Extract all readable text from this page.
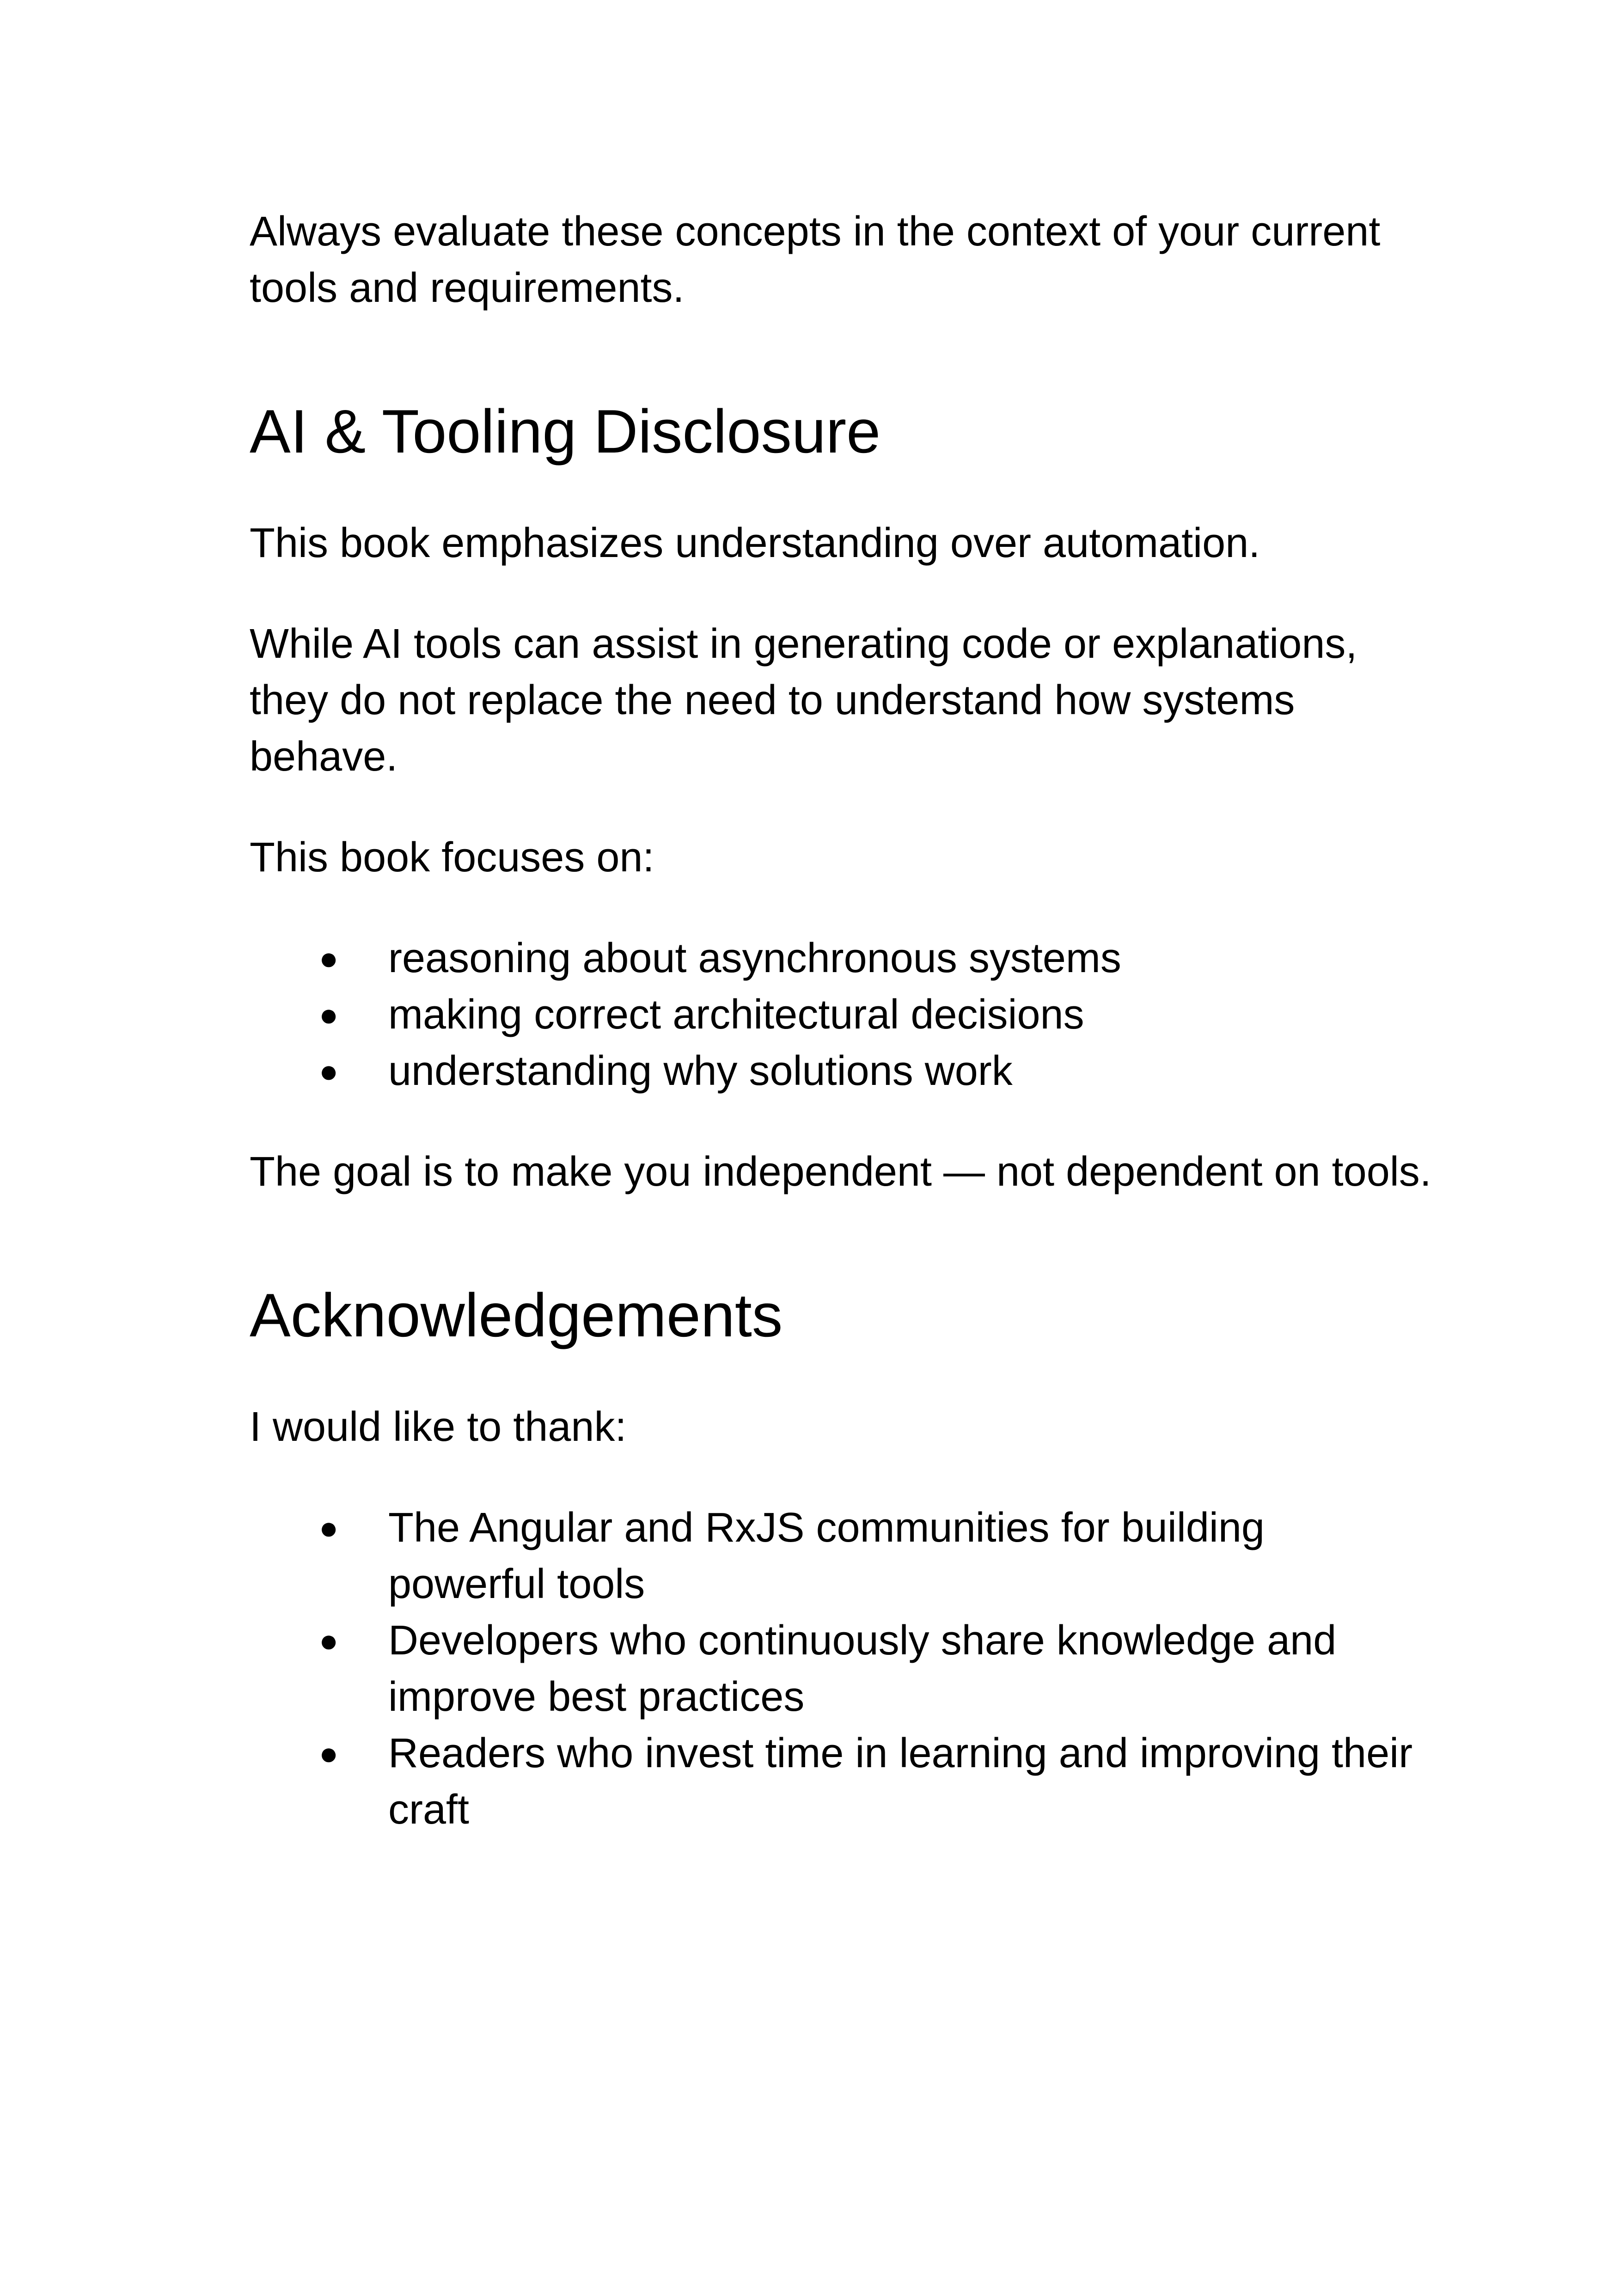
Always evaluate these concepts in the context of your current tools and requirements.

AI & Tooling Disclosure

This book emphasizes understanding over automation.

While AI tools can assist in generating code or explanations, they do not replace the need to understand how systems behave.

This book focuses on:

● reasoning about asynchronous systems
● making correct architectural decisions
● understanding why solutions work

The goal is to make you independent — not dependent on tools.

Acknowledgements

I would like to thank:

● The Angular and RxJS communities for building powerful tools
● Developers who continuously share knowledge and improve best practices
● Readers who invest time in learning and improving their craft
